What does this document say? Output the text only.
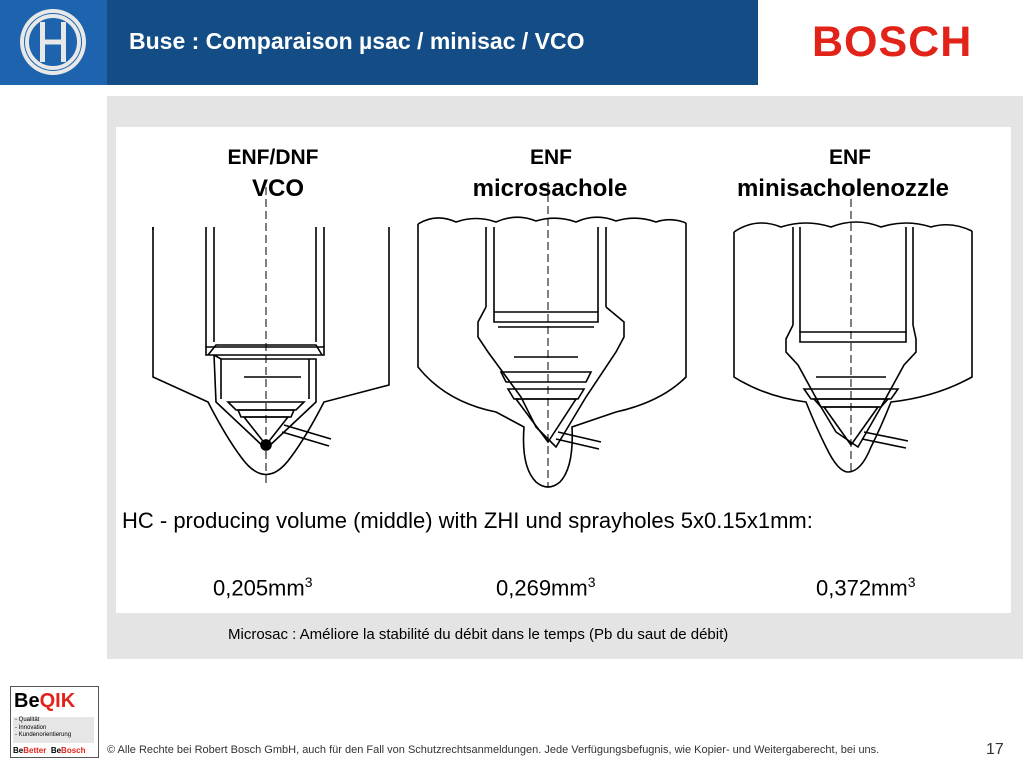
Buse : Comparaison µsac / minisac / VCO	BOSCH
ENF/DNF
VCO
ENF
microsachole
ENF
minisacholenozzle
HC - producing volume (middle) with ZHI und sprayholes 5x0.15x1mm:
$0,205mm^3$	$0,269mm^3$	$0,372mm^3$
Microsac : Améliore la stabilité du débit dans le temps (Pb du saut de débit)
BeQIK
- Qualität
- Innovation
- Kundenorientierung
BeBetter BeBosch © Alle Rechte bei Robert Bosch GmbH, auch für den Fall von Schutzrechtsanmeldungen. Jede Verfügungsbefugnis, wie Kopier- und Weitergaberecht, bei uns.	17
